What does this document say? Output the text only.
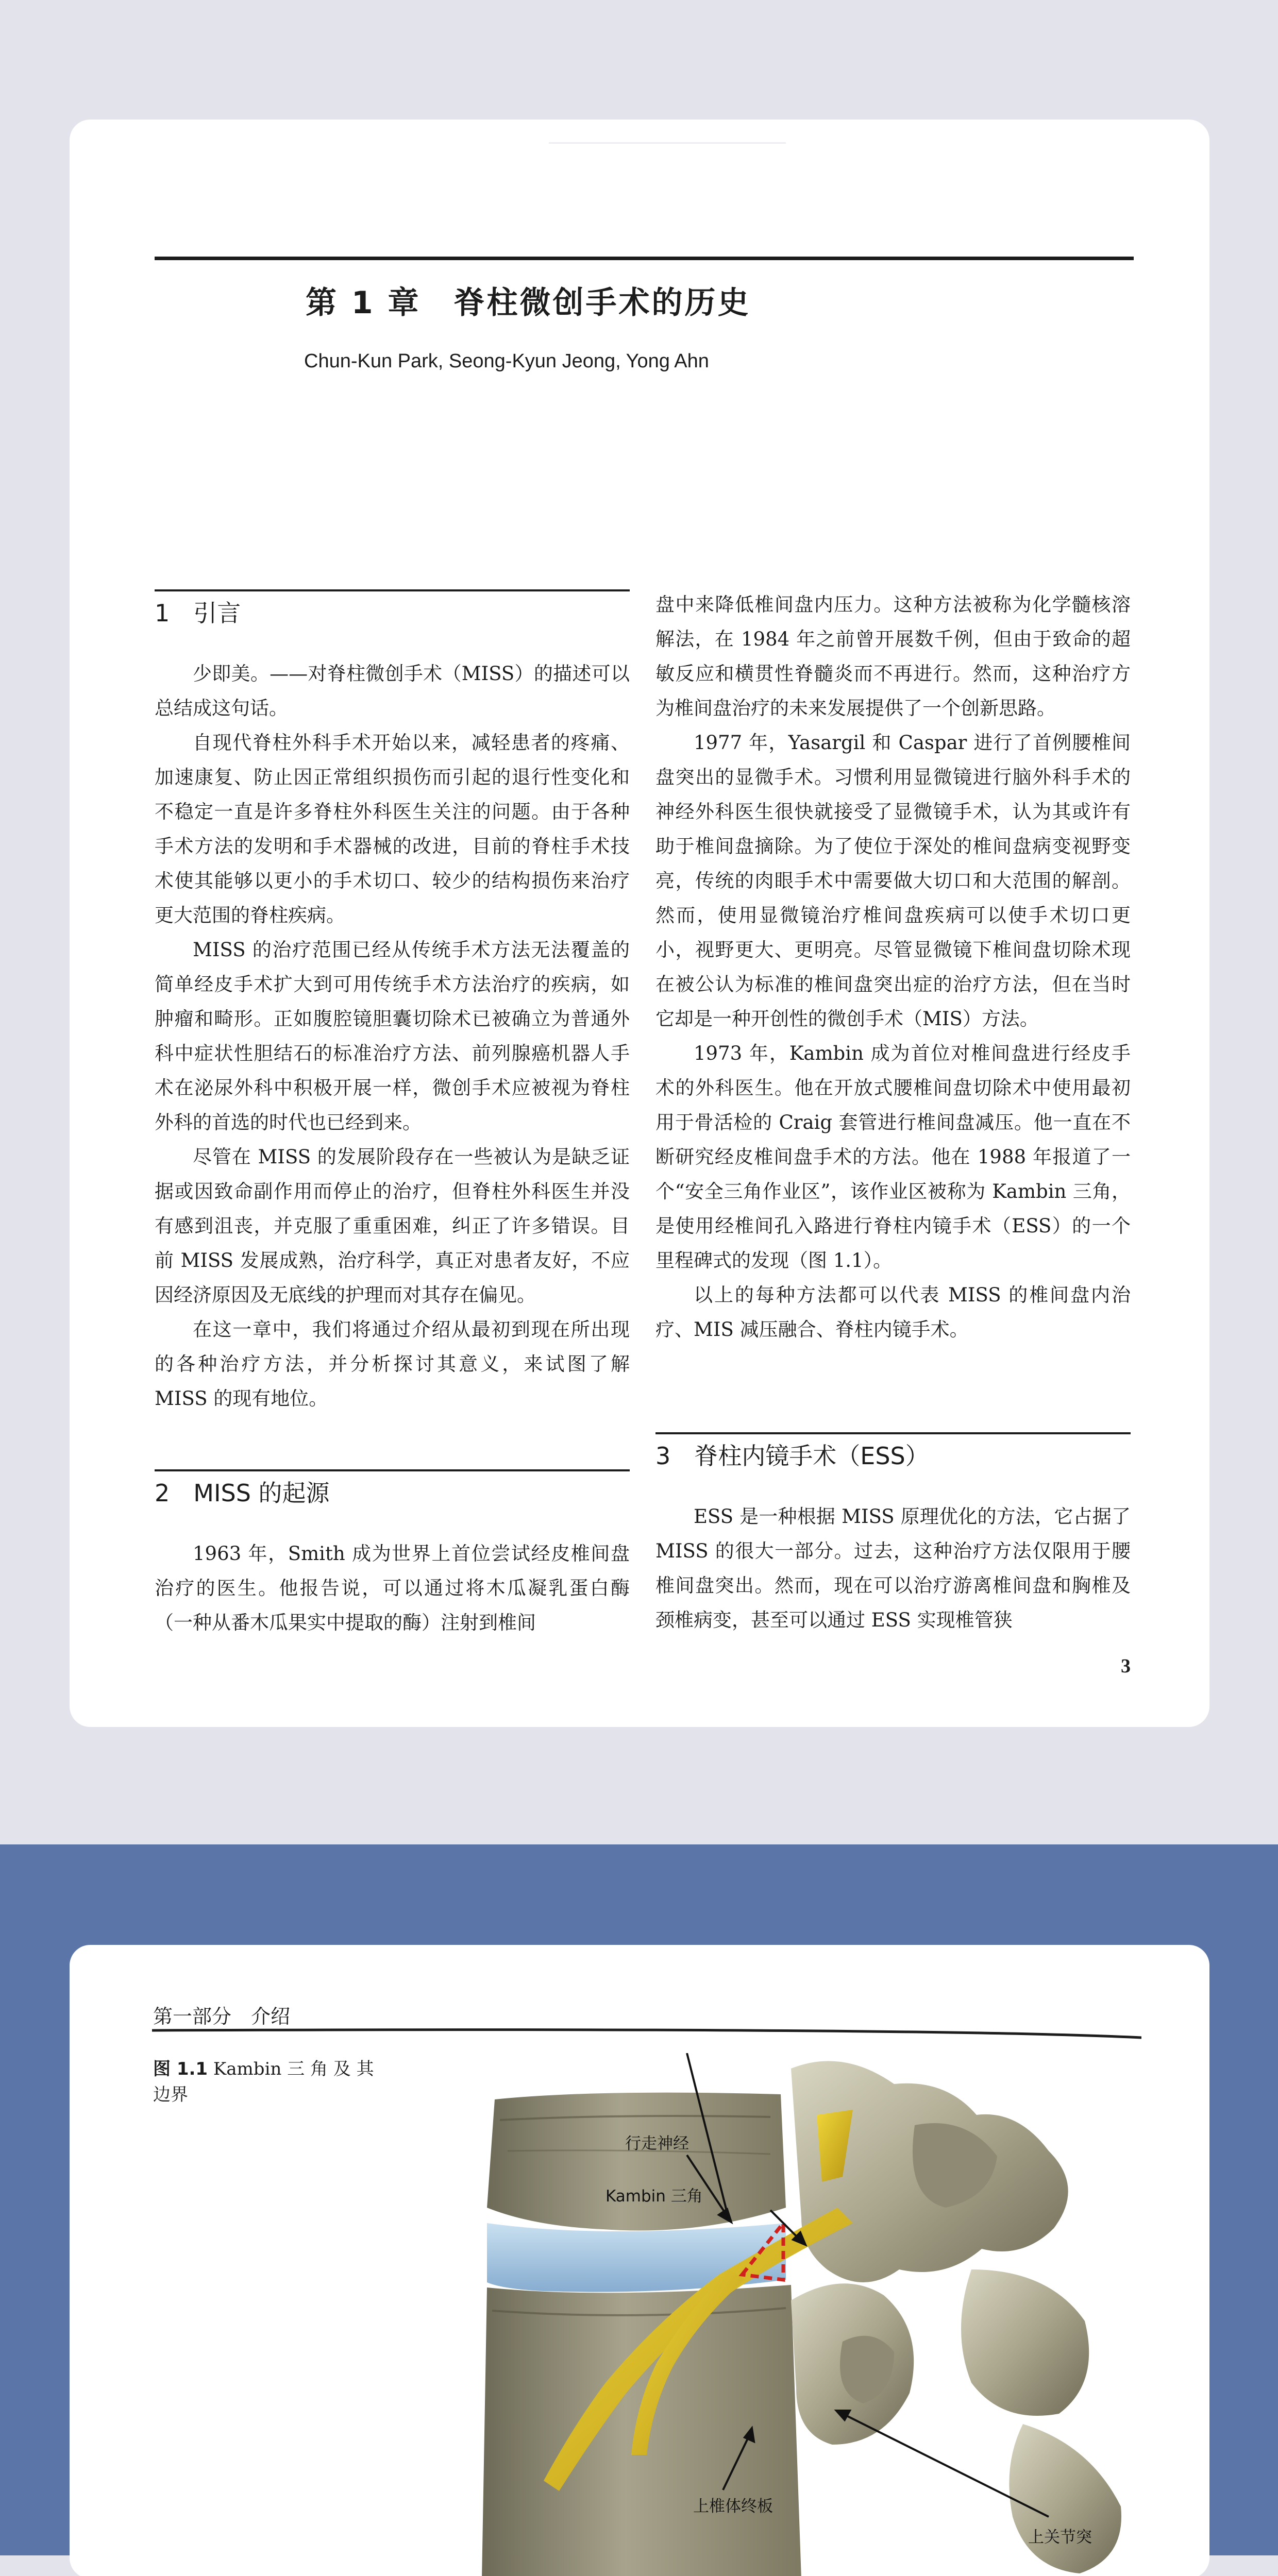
第 1 章　脊柱微创手术的历史
Chun-Kun Park, Seong-Kyun Jeong, Yong Ahn
1　引言

少即美。——对脊柱微创手术（MISS）的描述可以总结成这句话。

自现代脊柱外科手术开始以来，减轻患者的疼痛、加速康复、防止因正常组织损伤而引起的退行性变化和不稳定一直是许多脊柱外科医生关注的问题。由于各种手术方法的发明和手术器械的改进，目前的脊柱手术技术使其能够以更小的手术切口、较少的结构损伤来治疗更大范围的脊柱疾病。

MISS 的治疗范围已经从传统手术方法无法覆盖的简单经皮手术扩大到可用传统手术方法治疗的疾病，如肿瘤和畸形。正如腹腔镜胆囊切除术已被确立为普通外科中症状性胆结石的标准治疗方法、前列腺癌机器人手术在泌尿外科中积极开展一样，微创手术应被视为脊柱外科的首选的时代也已经到来。

尽管在 MISS 的发展阶段存在一些被认为是缺乏证据或因致命副作用而停止的治疗，但脊柱外科医生并没有感到沮丧，并克服了重重困难，纠正了许多错误。目前 MISS 发展成熟，治疗科学，真正对患者友好，不应因经济原因及无底线的护理而对其存在偏见。

在这一章中，我们将通过介绍从最初到现在所出现的各种治疗方法，并分析探讨其意义，来试图了解 MISS 的现有地位。

2　MISS 的起源

1963 年，Smith 成为世界上首位尝试经皮椎间盘治疗的医生。他报告说，可以通过将木瓜凝乳蛋白酶（一种从番木瓜果实中提取的酶）注射到椎间

盘中来降低椎间盘内压力。这种方法被称为化学髓核溶解法，在 1984 年之前曾开展数千例，但由于致命的超敏反应和横贯性脊髓炎而不再进行。然而，这种治疗方为椎间盘治疗的未来发展提供了一个创新思路。

1977 年，Yasargil 和 Caspar 进行了首例腰椎间盘突出的显微手术。习惯利用显微镜进行脑外科手术的神经外科医生很快就接受了显微镜手术，认为其或许有助于椎间盘摘除。为了使位于深处的椎间盘病变视野变亮，传统的肉眼手术中需要做大切口和大范围的解剖。然而，使用显微镜治疗椎间盘疾病可以使手术切口更小，视野更大、更明亮。尽管显微镜下椎间盘切除术现在被公认为标准的椎间盘突出症的治疗方法，但在当时它却是一种开创性的微创手术（MIS）方法。

1973 年，Kambin 成为首位对椎间盘进行经皮手术的外科医生。他在开放式腰椎间盘切除术中使用最初用于骨活检的 Craig 套管进行椎间盘减压。他一直在不断研究经皮椎间盘手术的方法。他在 1988 年报道了一个“安全三角作业区”，该作业区被称为 Kambin 三角，是使用经椎间孔入路进行脊柱内镜手术（ESS）的一个里程碑式的发现（图 1.1）。

以上的每种方法都可以代表 MISS 的椎间盘内治疗、MIS 减压融合、脊柱内镜手术。

3　脊柱内镜手术（ESS）

ESS 是一种根据 MISS 原理优化的方法，它占据了 MISS 的很大一部分。过去，这种治疗方法仅限用于腰椎间盘突出。然而，现在可以治疗游离椎间盘和胸椎及颈椎病变，甚至可以通过 ESS 实现椎管狭

3
第一部分　介绍
图 1.1 Kambin 三 角 及 其 边界
行走神经
Kambin 三角
上椎体终板
上关节突
